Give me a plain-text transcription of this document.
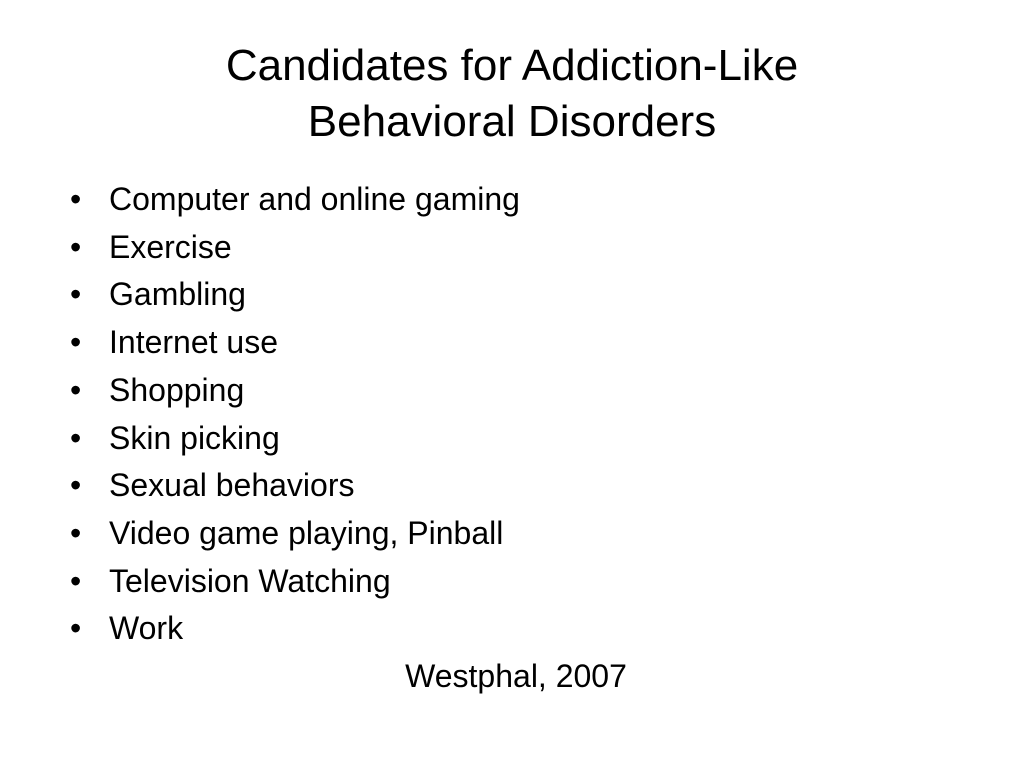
Candidates for Addiction-Like
Behavioral Disorders
• Computer and online gaming
• Exercise
• Gambling
• Internet use
• Shopping
• Skin picking
• Sexual behaviors
• Video game playing, Pinball
• Television Watching
• Work
Westphal, 2007
